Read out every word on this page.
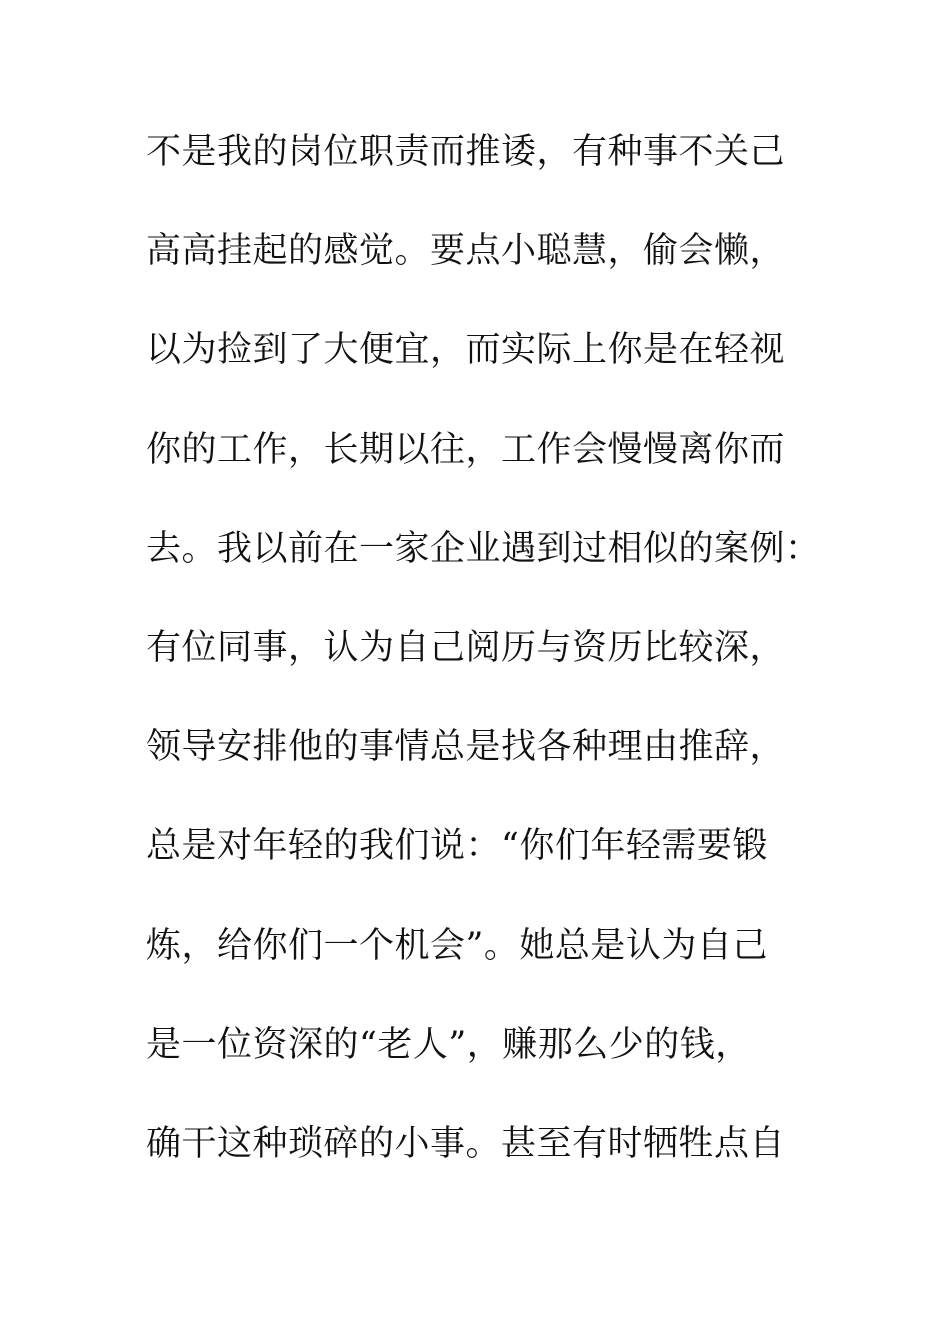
不是我的岗位职责而推诿，有种事不关己
高高挂起的感觉。要点小聪慧，偷会懒，
以为捡到了大便宜，而实际上你是在轻视
你的工作，长期以往，工作会慢慢离你而
去。我以前在一家企业遇到过相似的案例：
有位同事，认为自己阅历与资历比较深，
领导安排他的事情总是找各种理由推辞，
总是对年轻的我们说：“你们年轻需要锻
炼，给你们一个机会”。她总是认为自己
是一位资深的“老人”，赚那么少的钱，
确干这种琐碎的小事。甚至有时牺牲点自
